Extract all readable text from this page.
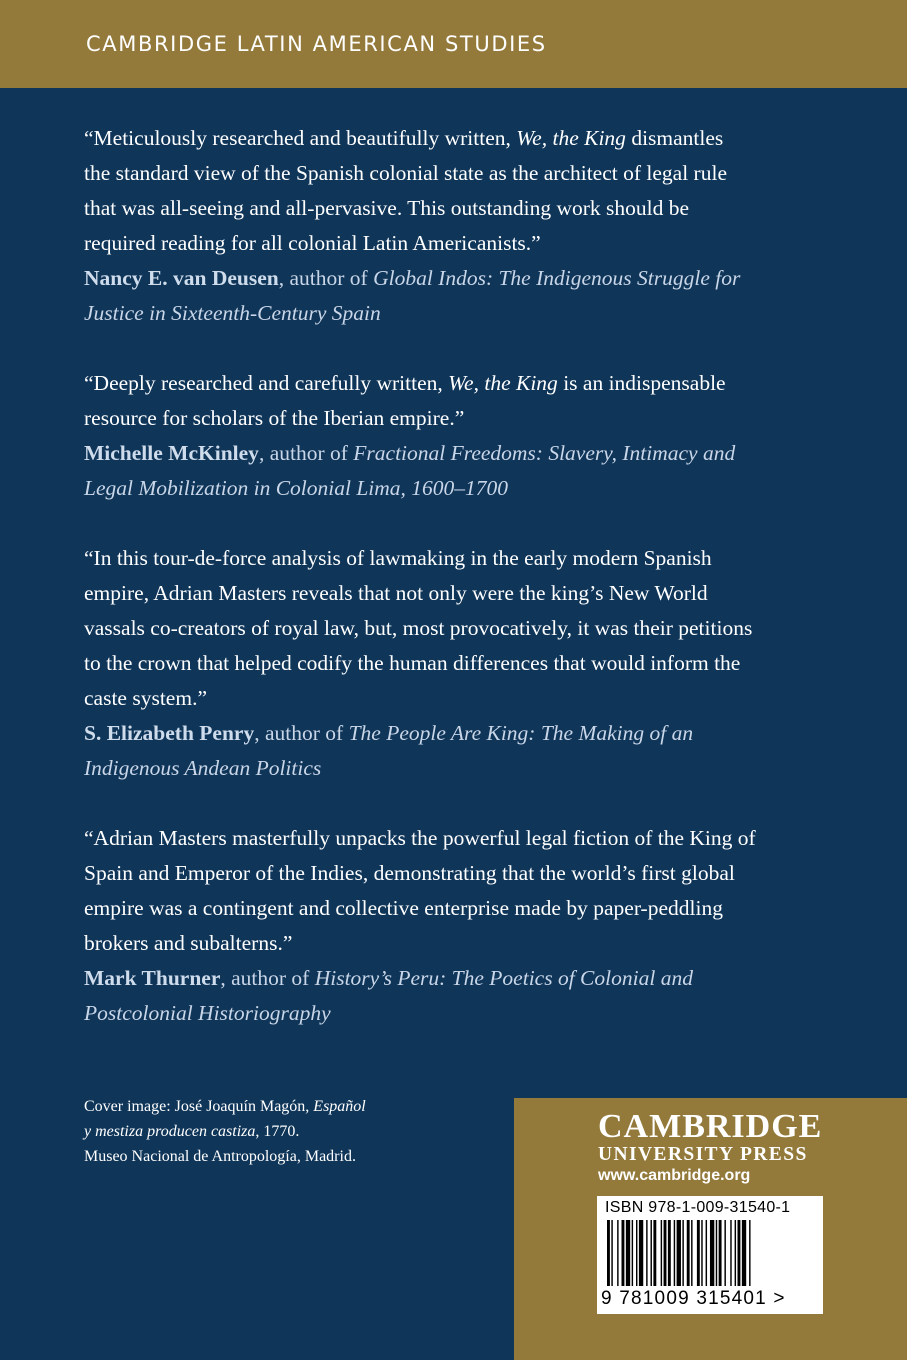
CAMBRIDGE LATIN AMERICAN STUDIES

“Meticulously researched and beautifully written, We, the King dismantles
the standard view of the Spanish colonial state as the architect of legal rule
that was all-seeing and all-pervasive. This outstanding work should be
required reading for all colonial Latin Americanists.”

Nancy E. van Deusen, author of Global Indos: The Indigenous Struggle for
Justice in Sixteenth-Century Spain

“Deeply researched and carefully written, We, the King is an indispensable
resource for scholars of the Iberian empire.”

Michelle McKinley, author of Fractional Freedoms: Slavery, Intimacy and
Legal Mobilization in Colonial Lima, 1600–1700

“In this tour-de-force analysis of lawmaking in the early modern Spanish
empire, Adrian Masters reveals that not only were the king’s New World
vassals co-creators of royal law, but, most provocatively, it was their petitions
to the crown that helped codify the human differences that would inform the
caste system.”

S. Elizabeth Penry, author of The People Are King: The Making of an
Indigenous Andean Politics

“Adrian Masters masterfully unpacks the powerful legal fiction of the King of
Spain and Emperor of the Indies, demonstrating that the world’s first global
empire was a contingent and collective enterprise made by paper-peddling
brokers and subalterns.”

Mark Thurner, author of History’s Peru: The Poetics of Colonial and
Postcolonial Historiography

Cover image: José Joaquín Magón, Español
y mestiza producen castiza, 1770.
Museo Nacional de Antropología, Madrid.
CAMBRIDGE
UNIVERSITY PRESS
www.cambridge.org
ISBN 978-1-009-31540-1
9 781009 315401 >
